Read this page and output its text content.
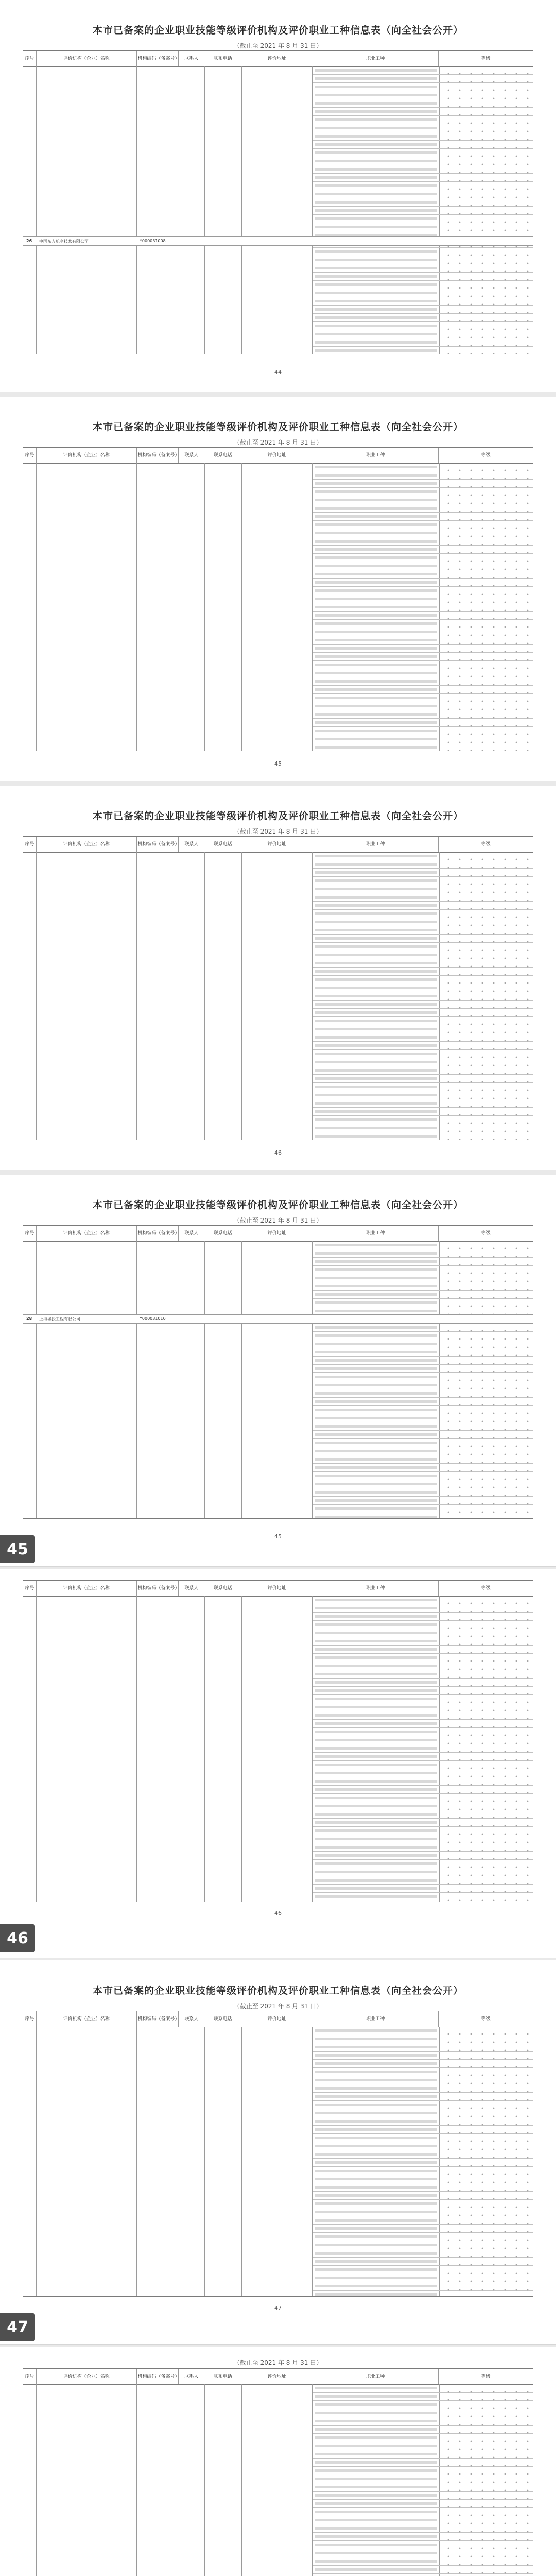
本市已备案的企业职业技能等级评价机构及评价职业工种信息表（向全社会公开）
（截止至 2021 年 8 月 31 日）
序号	评价机构（企业）名称	机构编码（备案号）	联系人	联系电话	评价地址	职业工种	等级
26 中国东方航空技术有限公司	Y000031008
44
本市已备案的企业职业技能等级评价机构及评价职业工种信息表（向全社会公开）
（截止至 2021 年 8 月 31 日）
序号	评价机构（企业）名称	机构编码（备案号）	联系人	联系电话	评价地址	职业工种	等级
45
本市已备案的企业职业技能等级评价机构及评价职业工种信息表（向全社会公开）
（截止至 2021 年 8 月 31 日）
序号	评价机构（企业）名称	机构编码（备案号）	联系人	联系电话	评价地址	职业工种	等级
46
本市已备案的企业职业技能等级评价机构及评价职业工种信息表（向全社会公开）
（截止至 2021 年 8 月 31 日）
序号	评价机构（企业）名称	机构编码（备案号）	联系人	联系电话	评价地址	职业工种	等级
28 上海城投工程有限公司	Y000031010
45
45
序号	评价机构（企业）名称	机构编码（备案号）	联系人	联系电话	评价地址	职业工种	等级
46
46
本市已备案的企业职业技能等级评价机构及评价职业工种信息表（向全社会公开）
（截止至 2021 年 8 月 31 日）
序号	评价机构（企业）名称	机构编码（备案号）	联系人	联系电话	评价地址	职业工种	等级
47
47
（截止至 2021 年 8 月 31 日）
序号	评价机构（企业）名称	机构编码（备案号）	联系人	联系电话	评价地址	职业工种	等级
